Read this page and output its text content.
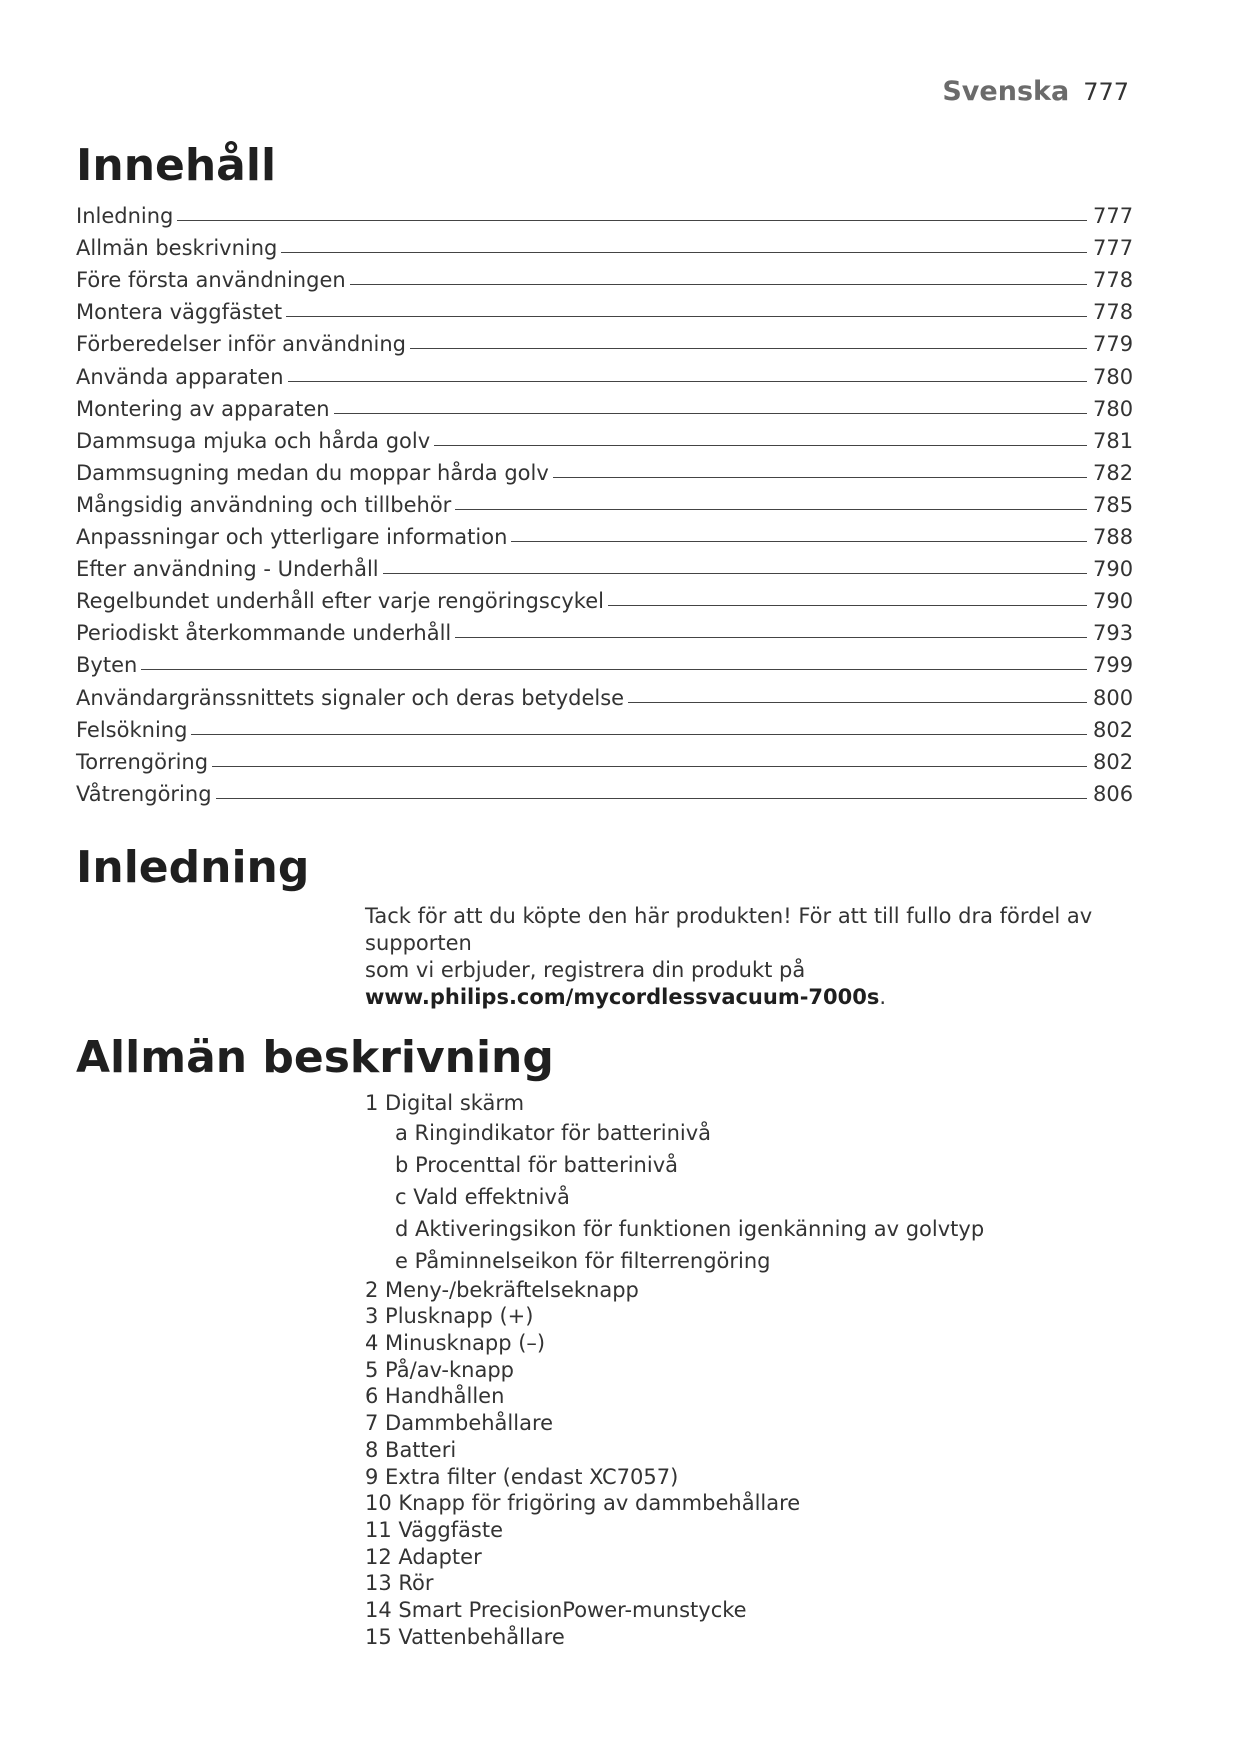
Svenska 777
Innehåll
Inledning	777
Allmän beskrivning	777
Före första användningen	778
Montera väggfästet	778
Förberedelser inför användning	779
Använda apparaten	780
Montering av apparaten	780
Dammsuga mjuka och hårda golv	781
Dammsugning medan du moppar hårda golv	782
Mångsidig användning och tillbehör	785
Anpassningar och ytterligare information	788
Efter användning - Underhåll	790
Regelbundet underhåll efter varje rengöringscykel	790
Periodiskt återkommande underhåll	793
Byten	799
Användargränssnittets signaler och deras betydelse	800
Felsökning	802
Torrengöring	802
Våtrengöring	806
Inledning
Tack för att du köpte den här produkten! För att till fullo dra fördel av supporten
som vi erbjuder, registrera din produkt på
www.philips.com/mycordlessvacuum-7000s.
Allmän beskrivning
1 Digital skärm
a Ringindikator för batterinivå
b Procenttal för batterinivå
c Vald effektnivå
d Aktiveringsikon för funktionen igenkänning av golvtyp
e Påminnelseikon för filterrengöring
2 Meny-/bekräftelseknapp
3 Plusknapp (+)
4 Minusknapp (–)
5 På/av-knapp
6 Handhållen
7 Dammbehållare
8 Batteri
9 Extra filter (endast XC7057)
10 Knapp för frigöring av dammbehållare
11 Väggfäste
12 Adapter
13 Rör
14 Smart PrecisionPower-munstycke
15 Vattenbehållare
